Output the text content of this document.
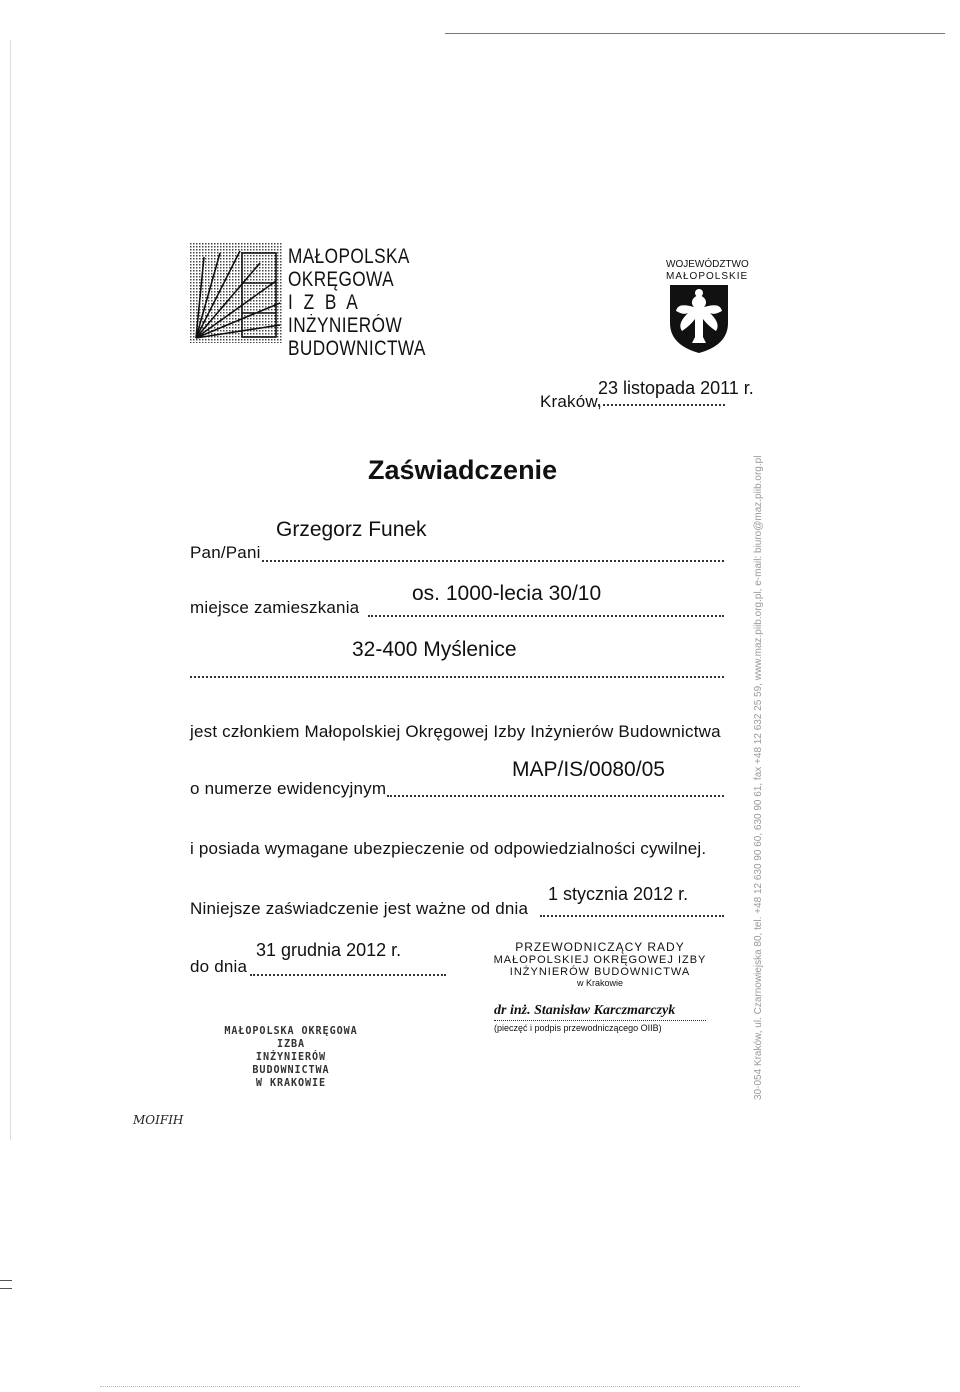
MAŁOPOLSKA
OKRĘGOWA
I  Z  B  A
INŻYNIERÓW
BUDOWNICTWA
WOJEWÓDZTWO
MAŁOPOLSKIE
Kraków,
23 listopada 2011 r.
Zaświadczenie
Grzegorz Funek
Pan/Pani
os. 1000-lecia 30/10
miejsce zamieszkania
32-400 Myślenice
jest członkiem Małopolskiej Okręgowej Izby Inżynierów Budownictwa
MAP/IS/0080/05
o numerze ewidencyjnym
i posiada wymagane ubezpieczenie od odpowiedzialności cywilnej.
1 stycznia 2012 r.
Niniejsze zaświadczenie jest ważne od dnia
31 grudnia 2012 r.
do dnia
PRZEWODNICZĄCY RADY
MAŁOPOLSKIEJ OKRĘGOWEJ IZBY
INŻYNIERÓW BUDOWNICTWA
w Krakowie
dr inż. Stanisław Karczmarczyk
(pieczęć i podpis przewodniczącego OIIB)
MAŁOPOLSKA OKRĘGOWA IZBA
INŻYNIERÓW BUDOWNICTWA
W KRAKOWIE	30-054 Kraków, ul. Czarnowiejska 80, tel. +48 12 630 90 60, 630 90 61, fax +48 12 632 25 59, www.maz.piib.org.pl, e-mail: biuro@maz.piib.org.pl
MOIFIH
